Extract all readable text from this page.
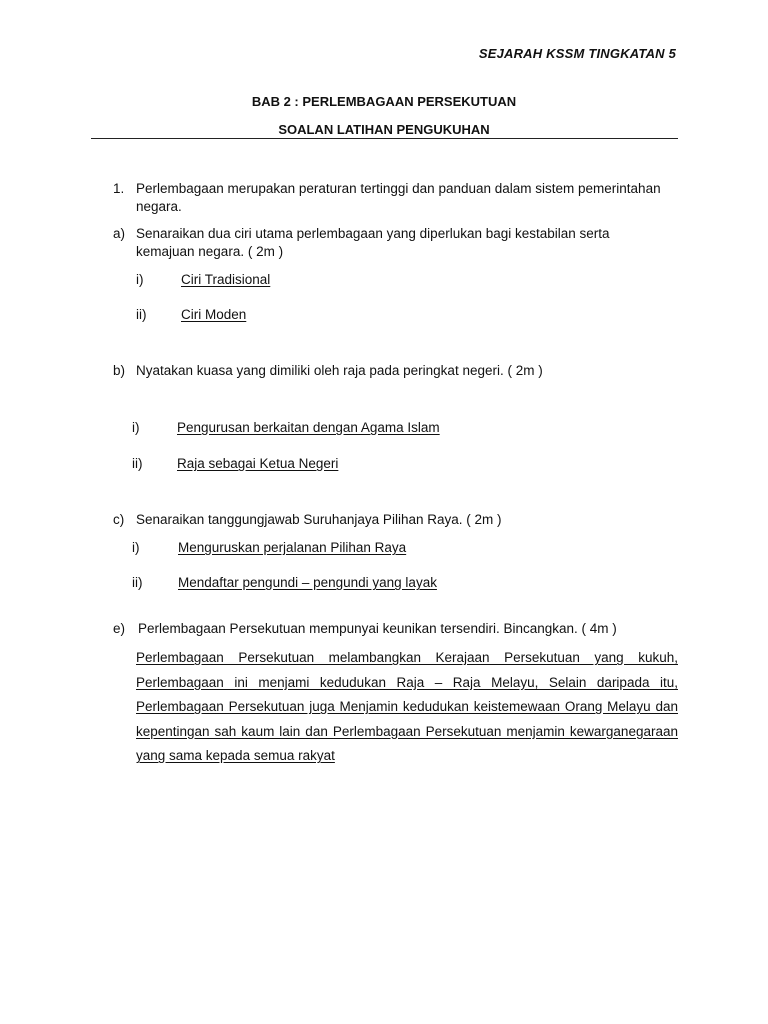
SEJARAH KSSM TINGKATAN 5
BAB 2 : PERLEMBAGAAN PERSEKUTUAN
SOALAN LATIHAN PENGUKUHAN
1. Perlembagaan merupakan peraturan tertinggi dan panduan dalam sistem pemerintahan
negara.
a) Senaraikan dua ciri utama perlembagaan yang diperlukan bagi kestabilan serta
kemajuan negara. ( 2m )
i)	Ciri Tradisional
ii)	Ciri Moden
b) Nyatakan kuasa yang dimiliki oleh raja pada peringkat negeri. ( 2m )
i)	Pengurusan berkaitan dengan Agama Islam
ii)	Raja sebagai Ketua Negeri
c) Senaraikan tanggungjawab Suruhanjaya Pilihan Raya. ( 2m )
i)	Menguruskan perjalanan Pilihan Raya
ii)	Mendaftar pengundi – pengundi yang layak
e) Perlembagaan Persekutuan mempunyai keunikan tersendiri. Bincangkan. ( 4m )
Perlembagaan Persekutuan melambangkan Kerajaan Persekutuan yang kukuh, Perlembagaan ini menjami kedudukan Raja – Raja Melayu, Selain daripada itu, Perlembagaan Persekutuan juga Menjamin kedudukan keistemewaan Orang Melayu dan kepentingan sah kaum lain dan Perlembagaan Persekutuan menjamin kewarganegaraan yang sama kepada semua rakyat
